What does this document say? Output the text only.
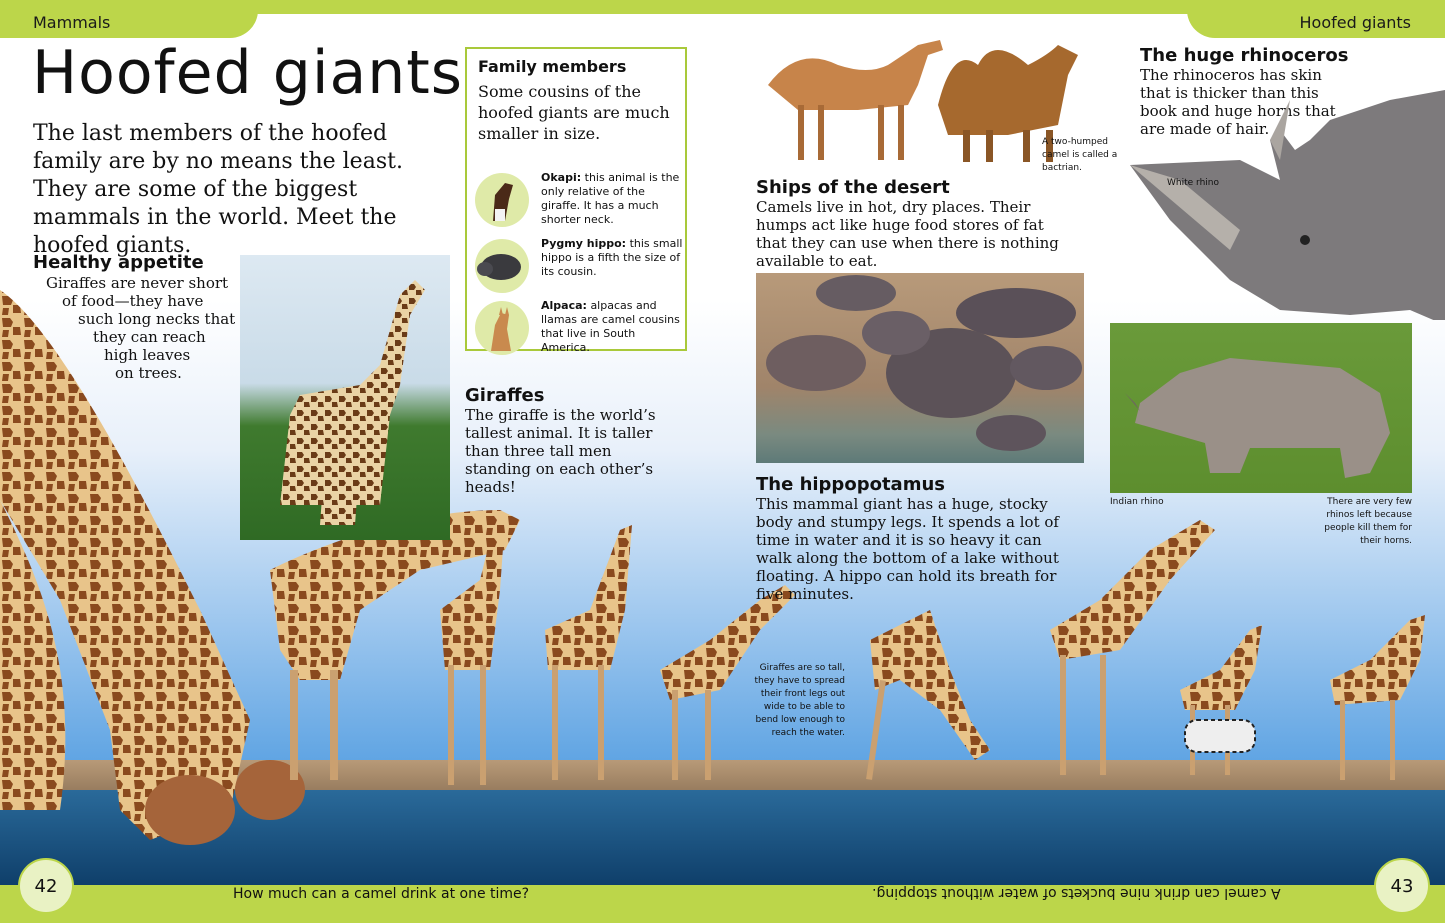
Mammals	Hoofed giants
Hoofed giants
The last members of the hoofed family are by no means the least. They are some of the biggest mammals in the world. Meet the hoofed giants.
Healthy appetite
Giraffes are never short
of food—they have
such long necks that
they can reach
high leaves
on trees.
Family members
Some cousins of the hoofed giants are much smaller in size.
Okapi: this animal is the only relative of the giraffe. It has a much shorter neck.
Pygmy hippo: this small hippo is a fifth the size of its cousin.
Alpaca: alpacas and llamas are camel cousins that live in South America.
Giraffes
The giraffe is the world’s tallest animal. It is taller than three tall men standing on each other’s heads!
A two-humped camel is called a bactrian.
Ships of the desert
Camels live in hot, dry places. Their humps act like huge food stores of fat that they can use when there is nothing available to eat.
The hippopotamus
This mammal giant has a huge, stocky body and stumpy legs. It spends a lot of time in water and it is so heavy it can walk along the bottom of a lake without floating. A hippo can hold its breath for five minutes.
The huge rhinoceros
The rhinoceros has skin that is thicker than this book and huge horns that are made of hair.
White rhino
Indian rhino	There are very few rhinos left because people kill them for their horns.
Giraffes are so tall, they have to spread their front legs out wide to be able to bend low enough to reach the water.
42	43
How much can a camel drink at one time?	A camel can drink nine buckets of water without stopping.
